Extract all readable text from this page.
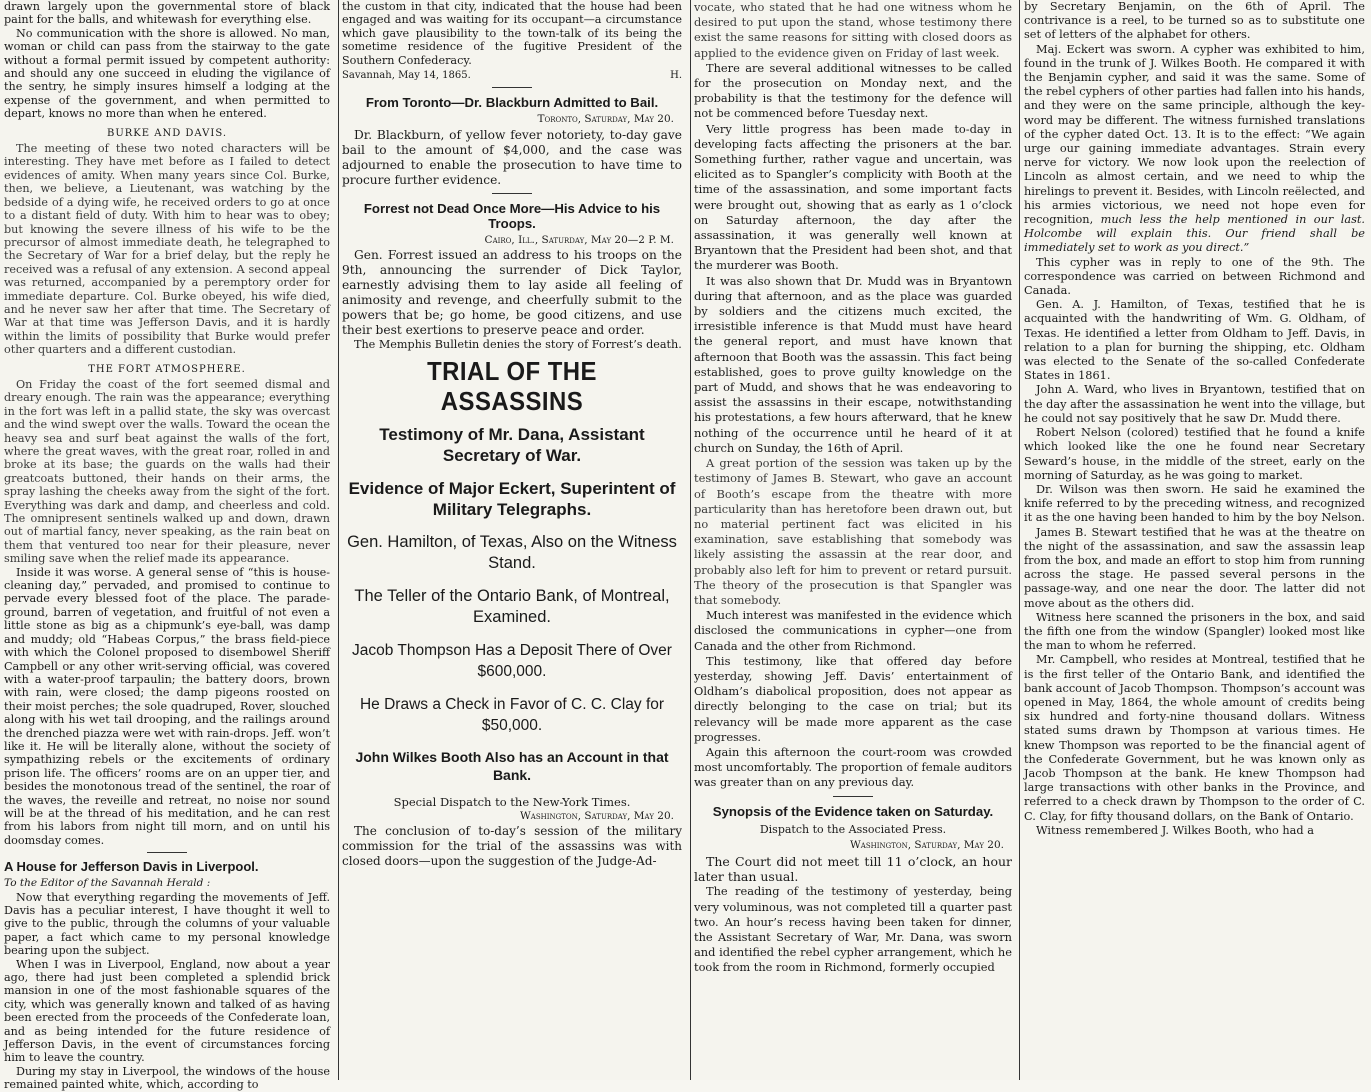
drawn largely upon the governmental store of black paint for the balls, and whitewash for everything else.

No communication with the shore is allowed. No man, woman or child can pass from the stairway to the gate without a formal permit issued by competent authority: and should any one succeed in eluding the vigilance of the sentry, he simply insures himself a lodging at the expense of the government, and when permitted to depart, knows no more than when he entered.

BURKE AND DAVIS.

The meeting of these two noted characters will be interesting. They have met before as I failed to detect evidences of amity. When many years since Col. Burke, then, we believe, a Lieutenant, was watching by the bedside of a dying wife, he received orders to go at once to a distant field of duty. With him to hear was to obey; but knowing the severe illness of his wife to be the precursor of almost immediate death, he telegraphed to the Secretary of War for a brief delay, but the reply he received was a refusal of any extension. A second appeal was returned, accompanied by a peremptory order for immediate departure. Col. Burke obeyed, his wife died, and he never saw her after that time. The Secretary of War at that time was Jefferson Davis, and it is hardly within the limits of possibility that Burke would prefer other quarters and a different custodian.

THE FORT ATMOSPHERE.

On Friday the coast of the fort seemed dismal and dreary enough. The rain was the appearance; everything in the fort was left in a pallid state, the sky was overcast and the wind swept over the walls. Toward the ocean the heavy sea and surf beat against the walls of the fort, where the great waves, with the great roar, rolled in and broke at its base; the guards on the walls had their greatcoats buttoned, their hands on their arms, the spray lashing the cheeks away from the sight of the fort. Everything was dark and damp, and cheerless and cold. The omnipresent sentinels walked up and down, drawn out of martial fancy, never speaking, as the rain beat on them that ventured too near for their pleasure, never smiling save when the relief made its appearance.

Inside it was worse. A general sense of “this is house-cleaning day,” pervaded, and promised to continue to pervade every blessed foot of the place. The parade-ground, barren of vegetation, and fruitful of not even a little stone as big as a chipmunk’s eye-ball, was damp and muddy; old “Habeas Corpus,” the brass field-piece with which the Colonel proposed to disembowel Sheriff Campbell or any other writ-serving official, was covered with a water-proof tarpaulin; the battery doors, brown with rain, were closed; the damp pigeons roosted on their moist perches; the sole quadruped, Rover, slouched along with his wet tail drooping, and the railings around the drenched piazza were wet with rain-drops. Jeff. won’t like it. He will be literally alone, without the society of sympathizing rebels or the excitements of ordinary prison life. The officers’ rooms are on an upper tier, and besides the monotonous tread of the sentinel, the roar of the waves, the reveille and retreat, no noise nor sound will be at the thread of his meditation, and he can rest from his labors from night till morn, and on until his doomsday comes.

A House for Jefferson Davis in Liverpool.
To the Editor of the Savannah Herald :

Now that everything regarding the movements of Jeff. Davis has a peculiar interest, I have thought it well to give to the public, through the columns of your valuable paper, a fact which came to my personal knowledge bearing upon the subject.

When I was in Liverpool, England, now about a year ago, there had just been completed a splendid brick mansion in one of the most fashionable squares of the city, which was generally known and talked of as having been erected from the proceeds of the Confederate loan, and as being intended for the future residence of Jefferson Davis, in the event of circumstances forcing him to leave the country.

During my stay in Liverpool, the windows of the house remained painted white, which, according to

the custom in that city, indicated that the house had been engaged and was waiting for its occupant—a circumstance which gave plausibility to the town-talk of its being the sometime residence of the fugitive President of the Southern Confederacy.

Savannah, May 14, 1865.	H.
From Toronto—Dr. Blackburn Admitted to Bail.
Toronto, Saturday, May 20.

Dr. Blackburn, of yellow fever notoriety, to-day gave bail to the amount of $4,000, and the case was adjourned to enable the prosecution to have time to procure further evidence.

Forrest not Dead Once More—His Advice to his Troops.
Cairo, Ill., Saturday, May 20—2 P. M.

Gen. Forrest issued an address to his troops on the 9th, announcing the surrender of Dick Taylor, earnestly advising them to lay aside all feeling of animosity and revenge, and cheerfully submit to the powers that be; go home, be good citizens, and use their best exertions to preserve peace and order.

The Memphis Bulletin denies the story of Forrest’s death.

TRIAL OF THE ASSASSINS
Testimony of Mr. Dana, Assistant Secretary of War.
Evidence of Major Eckert, Superintent of Military Telegraphs.
Gen. Hamilton, of Texas, Also on the Witness Stand.
The Teller of the Ontario Bank, of Montreal, Examined.
Jacob Thompson Has a Deposit There of Over $600,000.
He Draws a Check in Favor of C. C. Clay for $50,000.
John Wilkes Booth Also has an Account in that Bank.
Special Dispatch to the New-York Times.
Washington, Saturday, May 20.

The conclusion of to-day’s session of the military commission for the trial of the assassins was with closed doors—upon the suggestion of the Judge-Ad-

vocate, who stated that he had one witness whom he desired to put upon the stand, whose testimony there exist the same reasons for sitting with closed doors as applied to the evidence given on Friday of last week.

There are several additional witnesses to be called for the prosecution on Monday next, and the probability is that the testimony for the defence will not be commenced before Tuesday next.

Very little progress has been made to-day in developing facts affecting the prisoners at the bar. Something further, rather vague and uncertain, was elicited as to Spangler’s complicity with Booth at the time of the assassination, and some important facts were brought out, showing that as early as 1 o’clock on Saturday afternoon, the day after the assassination, it was generally well known at Bryantown that the President had been shot, and that the murderer was Booth.

It was also shown that Dr. Mudd was in Bryantown during that afternoon, and as the place was guarded by soldiers and the citizens much excited, the irresistible inference is that Mudd must have heard the general report, and must have known that afternoon that Booth was the assassin. This fact being established, goes to prove guilty knowledge on the part of Mudd, and shows that he was endeavoring to assist the assassins in their escape, notwithstanding his protestations, a few hours afterward, that he knew nothing of the occurrence until he heard of it at church on Sunday, the 16th of April.

A great portion of the session was taken up by the testimony of James B. Stewart, who gave an account of Booth’s escape from the theatre with more particularity than has heretofore been drawn out, but no material pertinent fact was elicited in his examination, save establishing that somebody was likely assisting the assassin at the rear door, and probably also left for him to prevent or retard pursuit. The theory of the prosecution is that Spangler was that somebody.

Much interest was manifested in the evidence which disclosed the communications in cypher—one from Canada and the other from Richmond.

This testimony, like that offered day before yesterday, showing Jeff. Davis’ entertainment of Oldham’s diabolical proposition, does not appear as directly belonging to the case on trial; but its relevancy will be made more apparent as the case progresses.

Again this afternoon the court-room was crowded most uncomfortably. The proportion of female auditors was greater than on any previous day.

Synopsis of the Evidence taken on Saturday.
Dispatch to the Associated Press.
Washington, Saturday, May 20.

The Court did not meet till 11 o’clock, an hour later than usual.

The reading of the testimony of yesterday, being very voluminous, was not completed till a quarter past two. An hour’s recess having been taken for dinner, the Assistant Secretary of War, Mr. Dana, was sworn and identified the rebel cypher arrangement, which he took from the room in Richmond, formerly occupied

by Secretary Benjamin, on the 6th of April. The contrivance is a reel, to be turned so as to substitute one set of letters of the alphabet for others.

Maj. Eckert was sworn. A cypher was exhibited to him, found in the trunk of J. Wilkes Booth. He compared it with the Benjamin cypher, and said it was the same. Some of the rebel cyphers of other parties had fallen into his hands, and they were on the same principle, although the key-word may be different. The witness furnished translations of the cypher dated Oct. 13. It is to the effect: “We again urge our gaining immediate advantages. Strain every nerve for victory. We now look upon the reelection of Lincoln as almost certain, and we need to whip the hirelings to prevent it. Besides, with Lincoln reëlected, and his armies victorious, we need not hope even for recognition, much less the help mentioned in our last. Holcombe will explain this. Our friend shall be immediately set to work as you direct.”

This cypher was in reply to one of the 9th. The correspondence was carried on between Richmond and Canada.

Gen. A. J. Hamilton, of Texas, testified that he is acquainted with the handwriting of Wm. G. Oldham, of Texas. He identified a letter from Oldham to Jeff. Davis, in relation to a plan for burning the shipping, etc. Oldham was elected to the Senate of the so-called Confederate States in 1861.

John A. Ward, who lives in Bryantown, testified that on the day after the assassination he went into the village, but he could not say positively that he saw Dr. Mudd there.

Robert Nelson (colored) testified that he found a knife which looked like the one he found near Secretary Seward’s house, in the middle of the street, early on the morning of Saturday, as he was going to market.

Dr. Wilson was then sworn. He said he examined the knife referred to by the preceding witness, and recognized it as the one having been handed to him by the boy Nelson.

James B. Stewart testified that he was at the theatre on the night of the assassination, and saw the assassin leap from the box, and made an effort to stop him from running across the stage. He passed several persons in the passage-way, and one near the door. The latter did not move about as the others did.

Witness here scanned the prisoners in the box, and said the fifth one from the window (Spangler) looked most like the man to whom he referred.

Mr. Campbell, who resides at Montreal, testified that he is the first teller of the Ontario Bank, and identified the bank account of Jacob Thompson. Thompson’s account was opened in May, 1864, the whole amount of credits being six hundred and forty-nine thousand dollars. Witness stated sums drawn by Thompson at various times. He knew Thompson was reported to be the financial agent of the Confederate Government, but he was known only as Jacob Thompson at the bank. He knew Thompson had large transactions with other banks in the Province, and referred to a check drawn by Thompson to the order of C. C. Clay, for fifty thousand dollars, on the Bank of Ontario.

Witness remembered J. Wilkes Booth, who had a
